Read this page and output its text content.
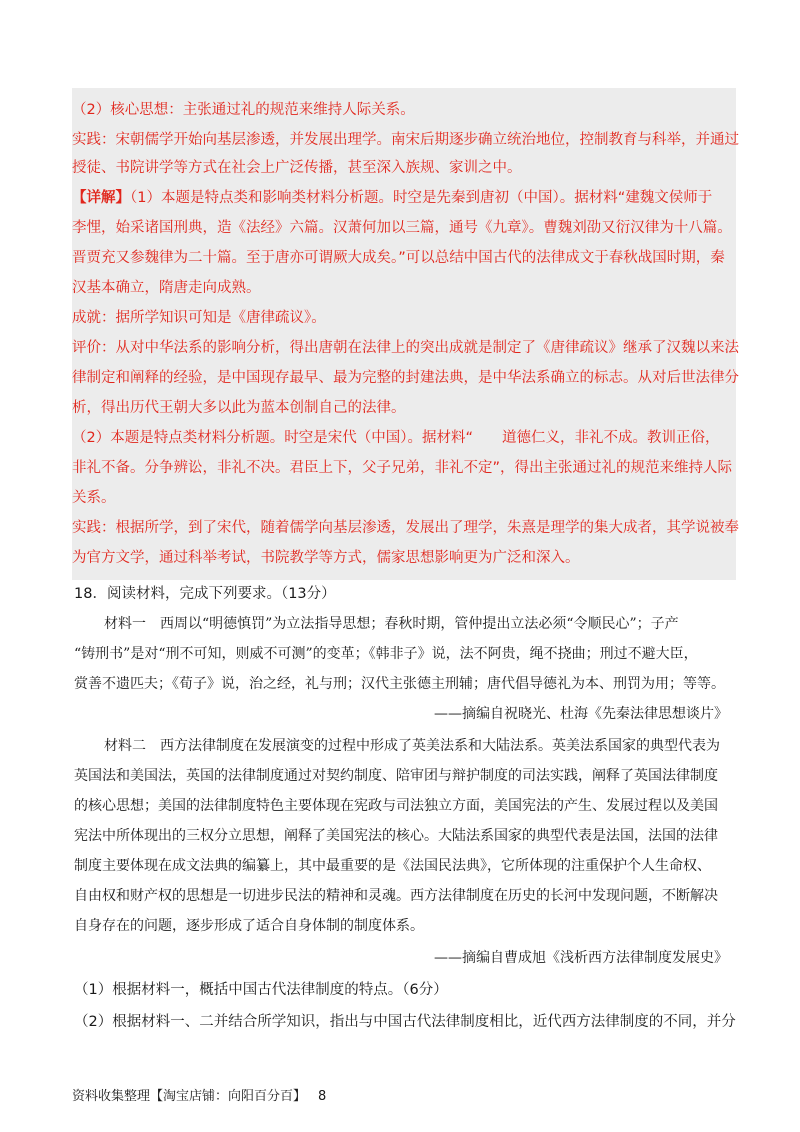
（2）核心思想：主张通过礼的规范来维持人际关系。
实践：宋朝儒学开始向基层渗透，并发展出理学。南宋后期逐步确立统治地位，控制教育与科举，并通过
授徒、书院讲学等方式在社会上广泛传播，甚至深入族规、家训之中。
【详解】（1）本题是特点类和影响类材料分析题。时空是先秦到唐初（中国）。据材料“建魏文侯师于
李悝，始采诸国刑典，造《法经》六篇。汉萧何加以三篇，通号《九章》。曹魏刘劭又衍汉律为十八篇。
晋贾充又参魏律为二十篇。至于唐亦可谓厥大成矣。”可以总结中国古代的法律成文于春秋战国时期，秦
汉基本确立，隋唐走向成熟。
成就：据所学知识可知是《唐律疏议》。
评价：从对中华法系的影响分析，得出唐朝在法律上的突出成就是制定了《唐律疏议》继承了汉魏以来法
律制定和阐释的经验，是中国现存最早、最为完整的封建法典，是中华法系确立的标志。从对后世法律分
析，得出历代王朝大多以此为蓝本创制自己的法律。
（2）本题是特点类材料分析题。时空是宋代（中国）。据材料“　　道德仁义，非礼不成。教训正俗，
非礼不备。分争辨讼，非礼不决。君臣上下，父子兄弟，非礼不定”，得出主张通过礼的规范来维持人际
关系。
实践：根据所学，到了宋代，随着儒学向基层渗透，发展出了理学，朱熹是理学的集大成者，其学说被奉
为官方文学，通过科举考试，书院教学等方式，儒家思想影响更为广泛和深入。
18．阅读材料，完成下列要求。（13分）
材料一　西周以“明德慎罚”为立法指导思想；春秋时期，管仲提出立法必须“令顺民心”；子产
“铸刑书”是对“刑不可知，则威不可测”的变革；《韩非子》说，法不阿贵，绳不挠曲；刑过不避大臣，
赏善不遗匹夫；《荀子》说，治之经，礼与刑；汉代主张德主刑辅；唐代倡导德礼为本、刑罚为用；等等。
——摘编自祝晓光、杜海《先秦法律思想谈片》
材料二　西方法律制度在发展演变的过程中形成了英美法系和大陆法系。英美法系国家的典型代表为
英国法和美国法，英国的法律制度通过对契约制度、陪审团与辩护制度的司法实践，阐释了英国法律制度
的核心思想；美国的法律制度特色主要体现在宪政与司法独立方面，美国宪法的产生、发展过程以及美国
宪法中所体现出的三权分立思想，阐释了美国宪法的核心。大陆法系国家的典型代表是法国，法国的法律
制度主要体现在成文法典的编纂上，其中最重要的是《法国民法典》，它所体现的注重保护个人生命权、
自由权和财产权的思想是一切进步民法的精神和灵魂。西方法律制度在历史的长河中发现问题，不断解决
自身存在的问题，逐步形成了适合自身体制的制度体系。
——摘编自曹成旭《浅析西方法律制度发展史》
（1）根据材料一，概括中国古代法律制度的特点。（6分）
（2）根据材料一、二并结合所学知识，指出与中国古代法律制度相比，近代西方法律制度的不同，并分
资料收集整理【淘宝店铺：向阳百分百】 8
